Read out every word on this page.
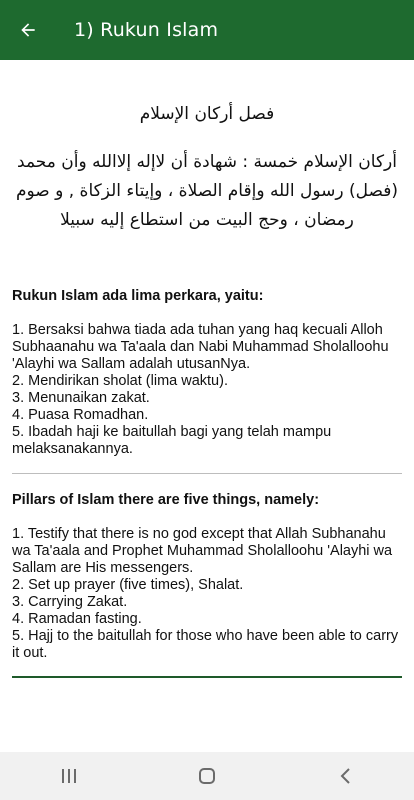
1) Rukun Islam
فصل أركان الإسلام
أركان الإسلام خمسة : شهادة أن لاإله إلاالله وأن محمد (فصل) رسول الله وإقام الصلاة ، وإيتاء الزكاة , و صوم رمضان ، وحج البيت من استطاع إليه سبيلا
Rukun Islam ada lima perkara, yaitu:
1. Bersaksi bahwa tiada ada tuhan yang haq kecuali Alloh Subhaanahu wa Ta'aala dan Nabi Muhammad Sholalloohu 'Alayhi wa Sallam adalah utusanNya.
2. Mendirikan sholat (lima waktu).
3. Menunaikan zakat.
4. Puasa Romadhan.
5. Ibadah haji ke baitullah bagi yang telah mampu melaksanakannya.
Pillars of Islam there are five things, namely:
1. Testify that there is no god except that Allah Subhanahu wa Ta'aala and Prophet Muhammad Sholalloohu 'Alayhi wa Sallam are His messengers.
2. Set up prayer (five times), Shalat.
3. Carrying Zakat.
4. Ramadan fasting.
5. Hajj to the baitullah for those who have been able to carry it out.
